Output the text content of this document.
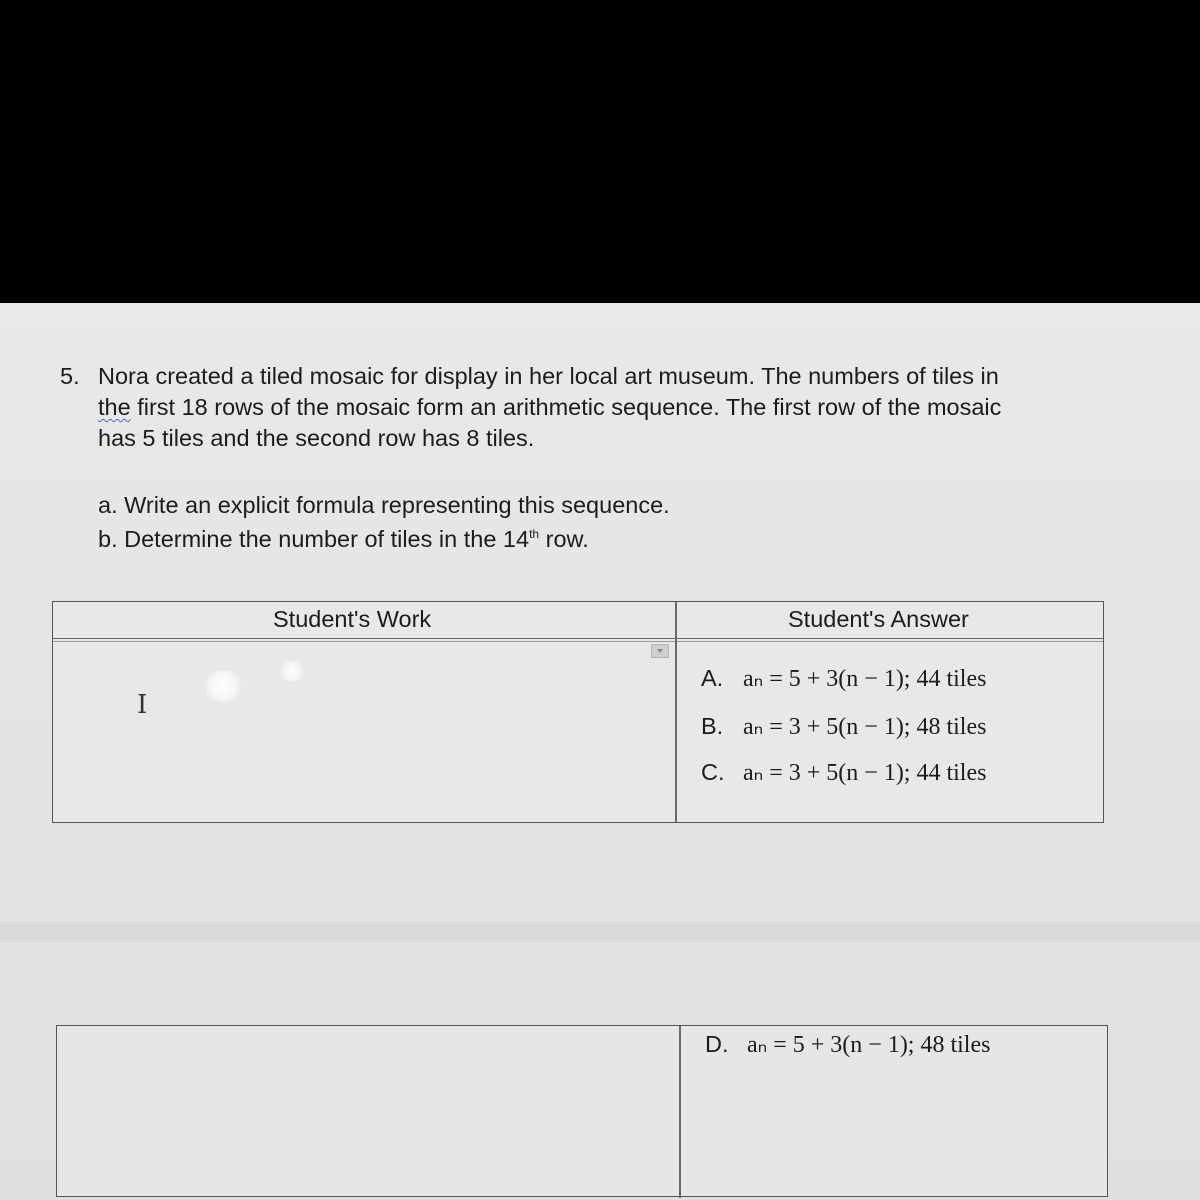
5. Nora created a tiled mosaic for display in her local art museum. The numbers of tiles in
the first 18 rows of the mosaic form an arithmetic sequence. The first row of the mosaic
has 5 tiles and the second row has 8 tiles.
a. Write an explicit formula representing this sequence.
b. Determine the number of tiles in the 14th row.
Student's Work	Student's Answer
I
A. aₙ = 5 + 3(n − 1); 44 tiles
B. aₙ = 3 + 5(n − 1); 48 tiles
C. aₙ = 3 + 5(n − 1); 44 tiles
D. aₙ = 5 + 3(n − 1); 48 tiles
